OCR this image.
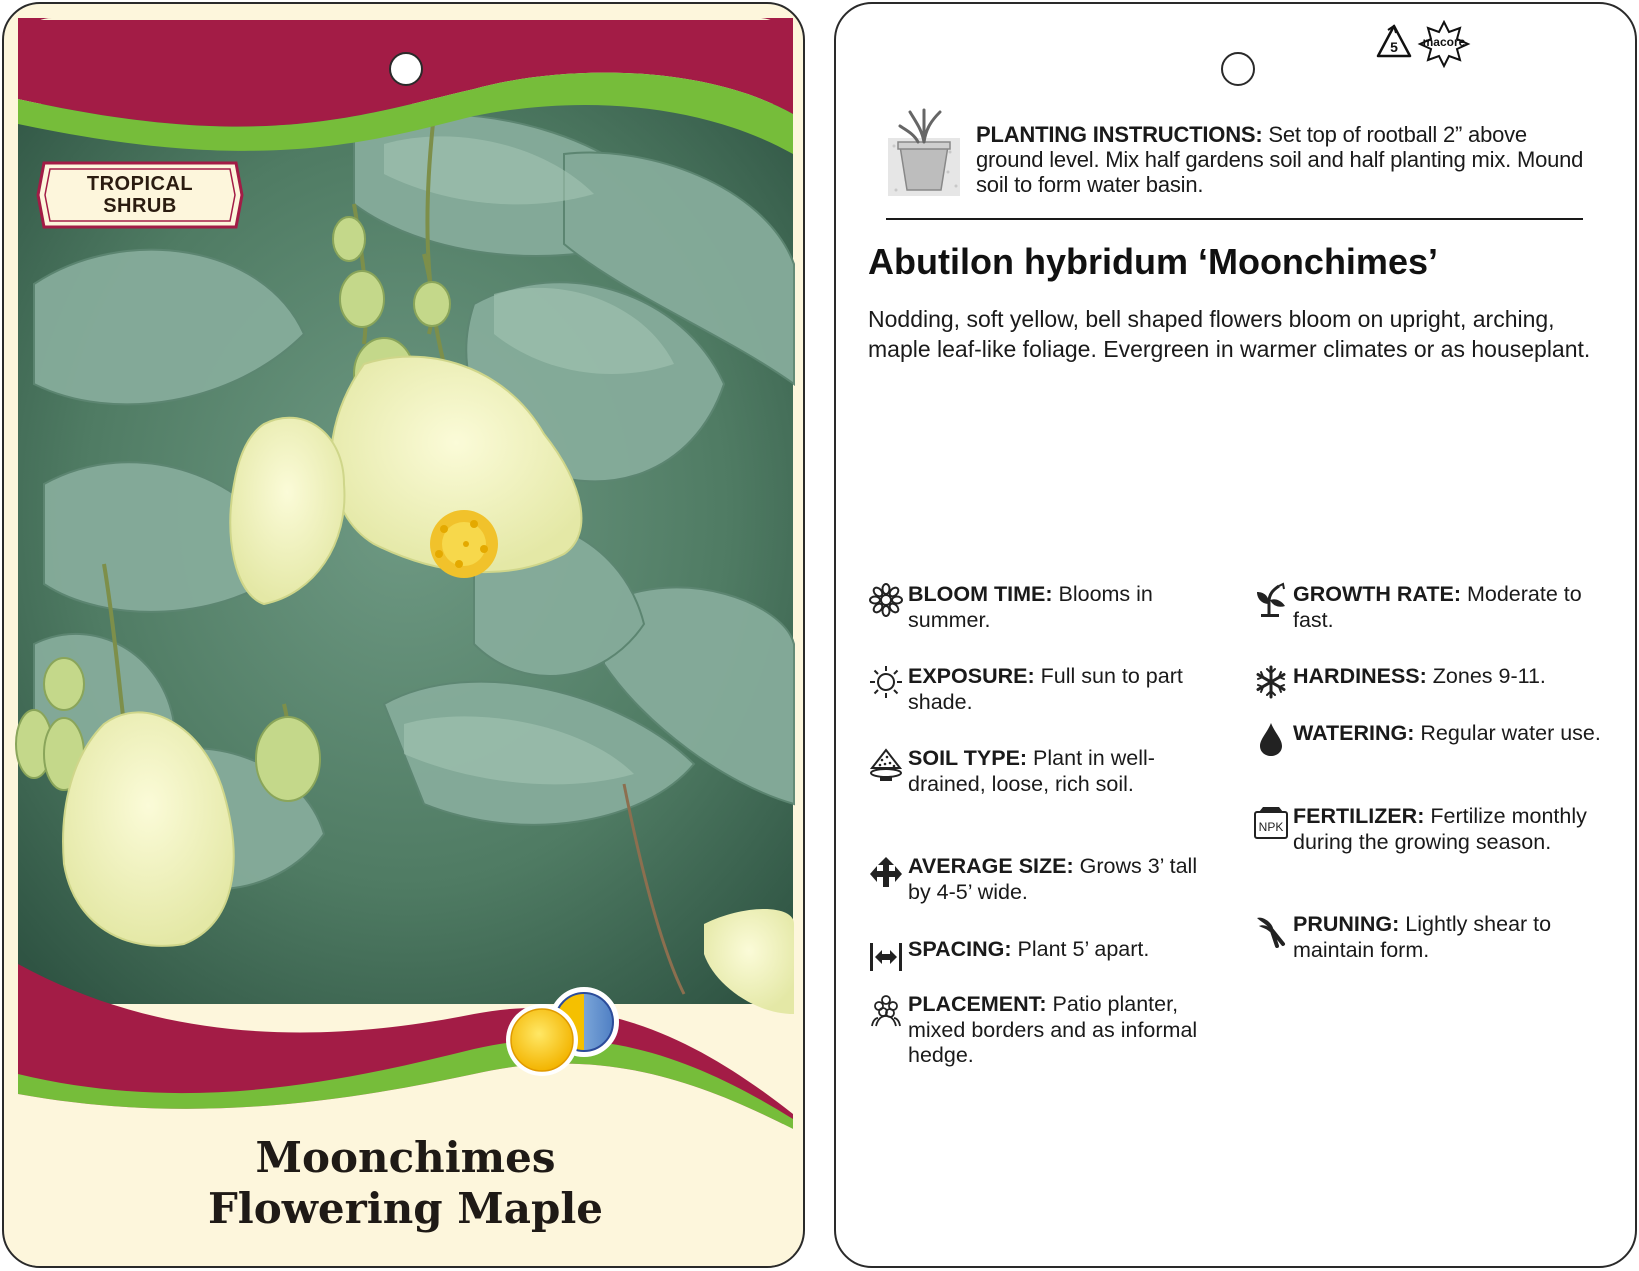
TROPICAL SHRUB
Moonchimes
Flowering Maple
5	macore
PLANTING INSTRUCTIONS: Set top of rootball 2” above ground level. Mix half gardens soil and half planting mix. Mound soil to form water basin.
Abutilon hybridum ‘Moonchimes’
Nodding, soft yellow, bell shaped flowers bloom on upright, arching, maple leaf-like foliage. Evergreen in warmer climates or as houseplant.
BLOOM TIME: Blooms in summer.
EXPOSURE: Full sun to part shade.
SOIL TYPE: Plant in well-drained, loose, rich soil.
AVERAGE SIZE: Grows 3’ tall by 4-5’ wide.
SPACING: Plant 5’ apart.
PLACEMENT: Patio planter, mixed borders and as informal hedge.
GROWTH RATE: Moderate to fast.
HARDINESS: Zones 9-11.
WATERING: Regular water use.
NPK FERTILIZER: Fertilize monthly during the growing season.
PRUNING: Lightly shear to maintain form.
